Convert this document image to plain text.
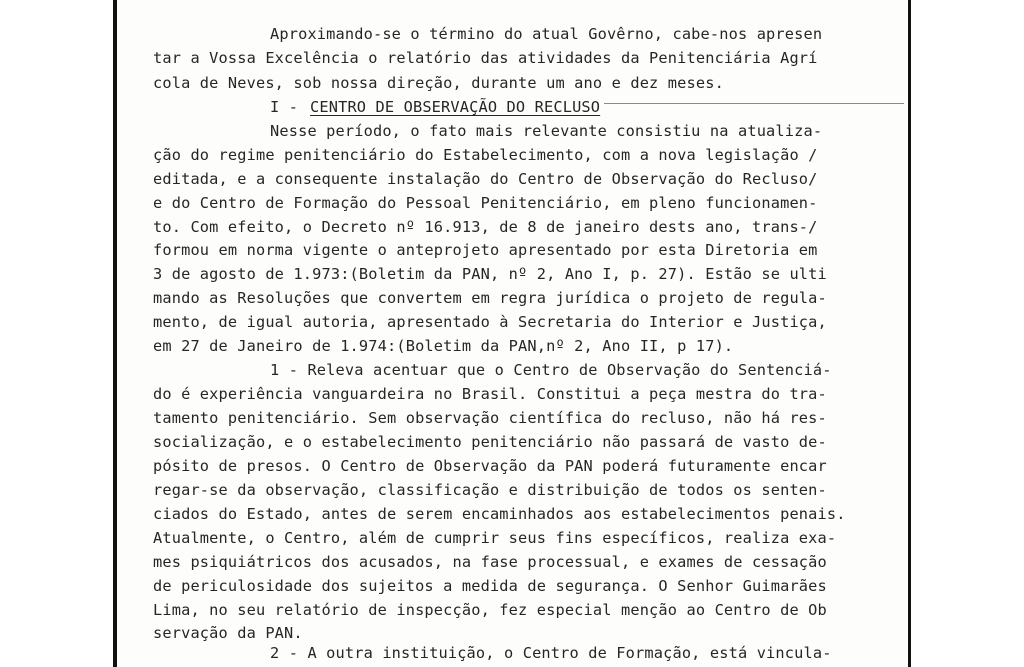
Aproximando-se o término do atual Govêrno, cabe-nos apresen
tar a Vossa Excelência o relatório das atividades da Penitenciária Agrí
cola de Neves, sob nossa direção, durante um ano e dez meses.
I - CENTRO DE OBSERVAÇÃO DO RECLUSO
Nesse período, o fato mais relevante consistiu na atualiza-
ção do regime penitenciário do Estabelecimento, com a nova legislação /
editada, e a consequente instalação do Centro de Observação do Recluso/
e do Centro de Formação do Pessoal Penitenciário, em pleno funcionamen-
to. Com efeito, o Decreto nº 16.913, de 8 de janeiro dests ano, trans-/
formou em norma vigente o anteprojeto apresentado por esta Diretoria em
3 de agosto de 1.973:(Boletim da PAN, nº 2, Ano I, p. 27). Estão se ulti
mando as Resoluções que convertem em regra jurídica o projeto de regula-
mento, de igual autoria, apresentado à Secretaria do Interior e Justiça,
em 27 de Janeiro de 1.974:(Boletim da PAN,nº 2, Ano II, p 17).
1 - Releva acentuar que o Centro de Observação do Sentenciá-
do é experiência vanguardeira no Brasil. Constitui a peça mestra do tra-
tamento penitenciário. Sem observação científica do recluso, não há res-
socialização, e o estabelecimento penitenciário não passará de vasto de-
pósito de presos. O Centro de Observação da PAN poderá futuramente encar
regar-se da observação, classificação e distribuição de todos os senten-
ciados do Estado, antes de serem encaminhados aos estabelecimentos penais.
Atualmente, o Centro, além de cumprir seus fins específicos, realiza exa-
mes psiquiátricos dos acusados, na fase processual, e exames de cessação
de periculosidade dos sujeitos a medida de segurança. O Senhor Guimarães
Lima, no seu relatório de inspecção, fez especial menção ao Centro de Ob
servação da PAN.
2 - A outra instituição, o Centro de Formação, está vincula-
